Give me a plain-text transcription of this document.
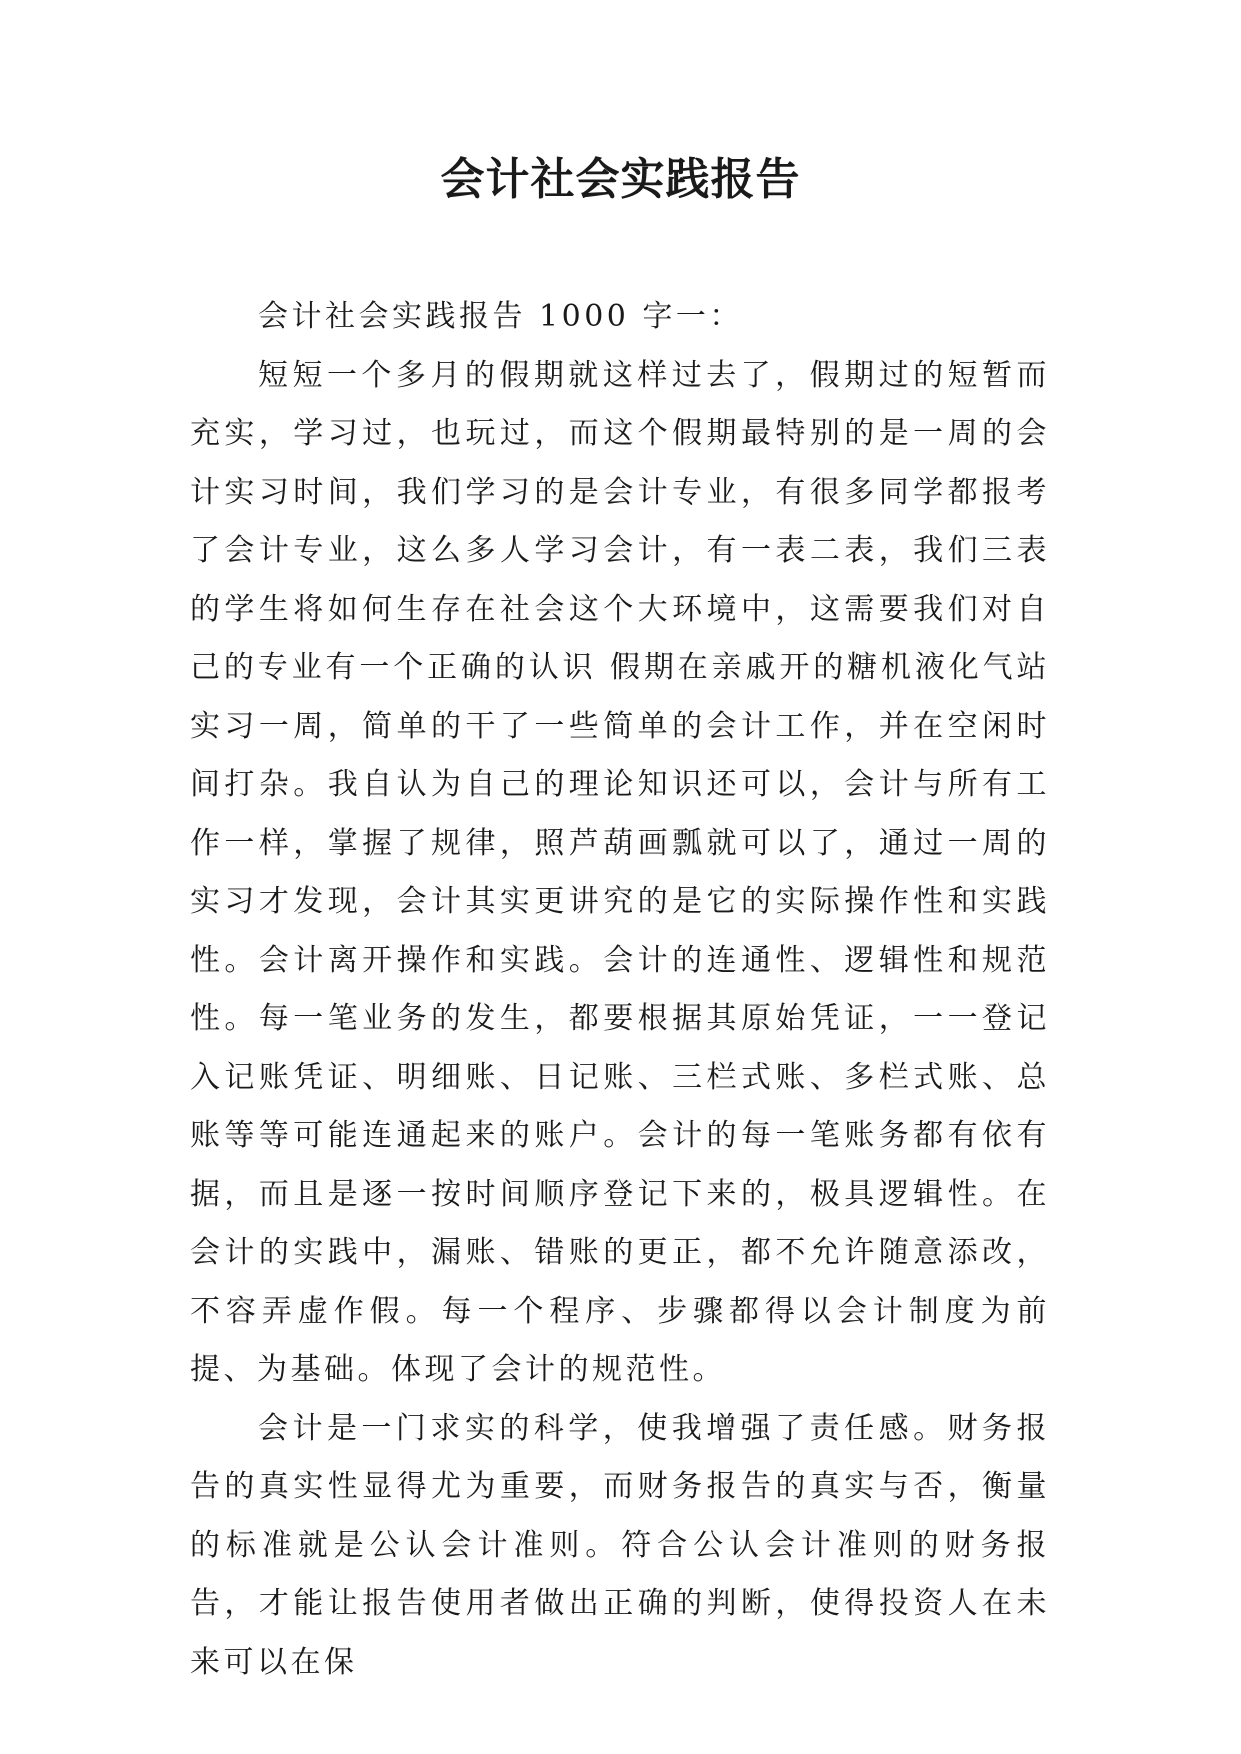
会计社会实践报告

会计社会实践报告 1000 字一：

短短一个多月的假期就这样过去了，假期过的短暂而充实，学习过，也玩过，而这个假期最特别的是一周的会计实习时间，我们学习的是会计专业，有很多同学都报考了会计专业，这么多人学习会计，有一表二表，我们三表的学生将如何生存在社会这个大环境中，这需要我们对自己的专业有一个正确的认识 假期在亲戚开的糖机液化气站实习一周，简单的干了一些简单的会计工作，并在空闲时间打杂。我自认为自己的理论知识还可以，会计与所有工作一样，掌握了规律，照芦葫画瓢就可以了，通过一周的实习才发现，会计其实更讲究的是它的实际操作性和实践性。会计离开操作和实践。会计的连通性、逻辑性和规范性。每一笔业务的发生，都要根据其原始凭证，一一登记入记账凭证、明细账、日记账、三栏式账、多栏式账、总账等等可能连通起来的账户。会计的每一笔账务都有依有据，而且是逐一按时间顺序登记下来的，极具逻辑性。在会计的实践中，漏账、错账的更正，都不允许随意添改，不容弄虚作假。每一个程序、步骤都得以会计制度为前提、为基础。体现了会计的规范性。

会计是一门求实的科学，使我增强了责任感。财务报告的真实性显得尤为重要，而财务报告的真实与否，衡量的标准就是公认会计准则。符合公认会计准则的财务报告，才能让报告使用者做出正确的判断，使得投资人在未来可以在保
